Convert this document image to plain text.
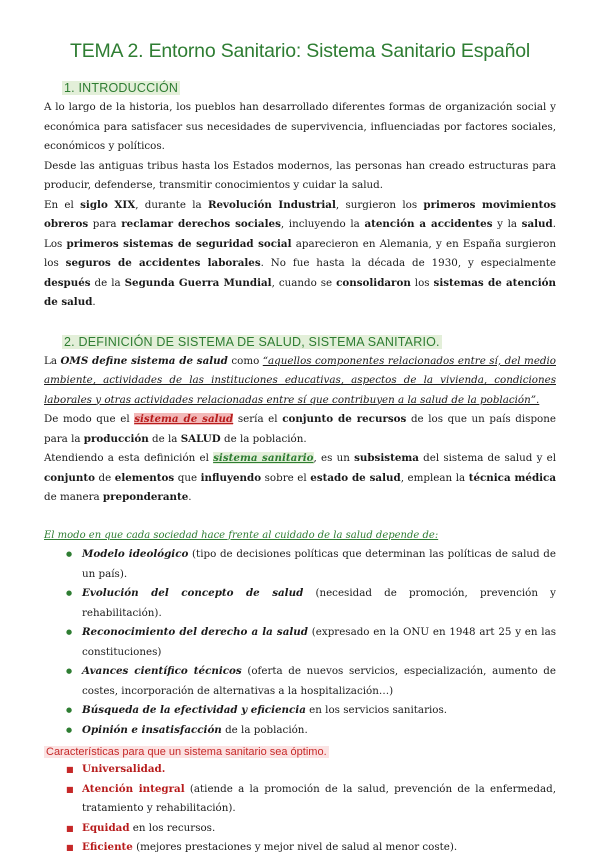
TEMA 2. Entorno Sanitario: Sistema Sanitario Español
1. INTRODUCCIÓN

A lo largo de la historia, los pueblos han desarrollado diferentes formas de organización social y económica para satisfacer sus necesidades de supervivencia, influenciadas por factores sociales, económicos y políticos.

Desde las antiguas tribus hasta los Estados modernos, las personas han creado estructuras para producir, defenderse, transmitir conocimientos y cuidar la salud.

En el siglo XIX, durante la Revolución Industrial, surgieron los primeros movimientos obreros para reclamar derechos sociales, incluyendo la atención a accidentes y la salud. Los primeros sistemas de seguridad social aparecieron en Alemania, y en España surgieron los seguros de accidentes laborales. No fue hasta la década de 1930, y especialmente después de la Segunda Guerra Mundial, cuando se consolidaron los sistemas de atención de salud.

2. DEFINICIÓN DE SISTEMA DE SALUD, SISTEMA SANITARIO.

La OMS define sistema de salud como “aquellos componentes relacionados entre sí, del medio ambiente, actividades de las instituciones educativas, aspectos de la vivienda, condiciones laborales y otras actividades relacionadas entre sí que contribuyen a la salud de la población”.

De modo que el sistema de salud sería el conjunto de recursos de los que un país dispone para la producción de la SALUD de la población.

Atendiendo a esta definición el sistema sanitario, es un subsistema del sistema de salud y el conjunto de elementos que influyendo sobre el estado de salud, emplean la técnica médica de manera preponderante.

El modo en que cada sociedad hace frente al cuidado de la salud depende de:

● Modelo ideológico (tipo de decisiones políticas que determinan las políticas de salud de un país).
● Evolución del concepto de salud (necesidad de promoción, prevención y rehabilitación).
● Reconocimiento del derecho a la salud (expresado en la ONU en 1948 art 25 y en las constituciones)
● Avances científico técnicos (oferta de nuevos servicios, especialización, aumento de costes, incorporación de alternativas a la hospitalización…)
● Búsqueda de la efectividad y eficiencia en los servicios sanitarios.
● Opinión e insatisfacción de la población.
Características para que un sistema sanitario sea óptimo.
■ Universalidad.
■ Atención integral (atiende a la promoción de la salud, prevención de la enfermedad, tratamiento y rehabilitación).
■ Equidad en los recursos.
■ Eficiente (mejores prestaciones y mejor nivel de salud al menor coste).
